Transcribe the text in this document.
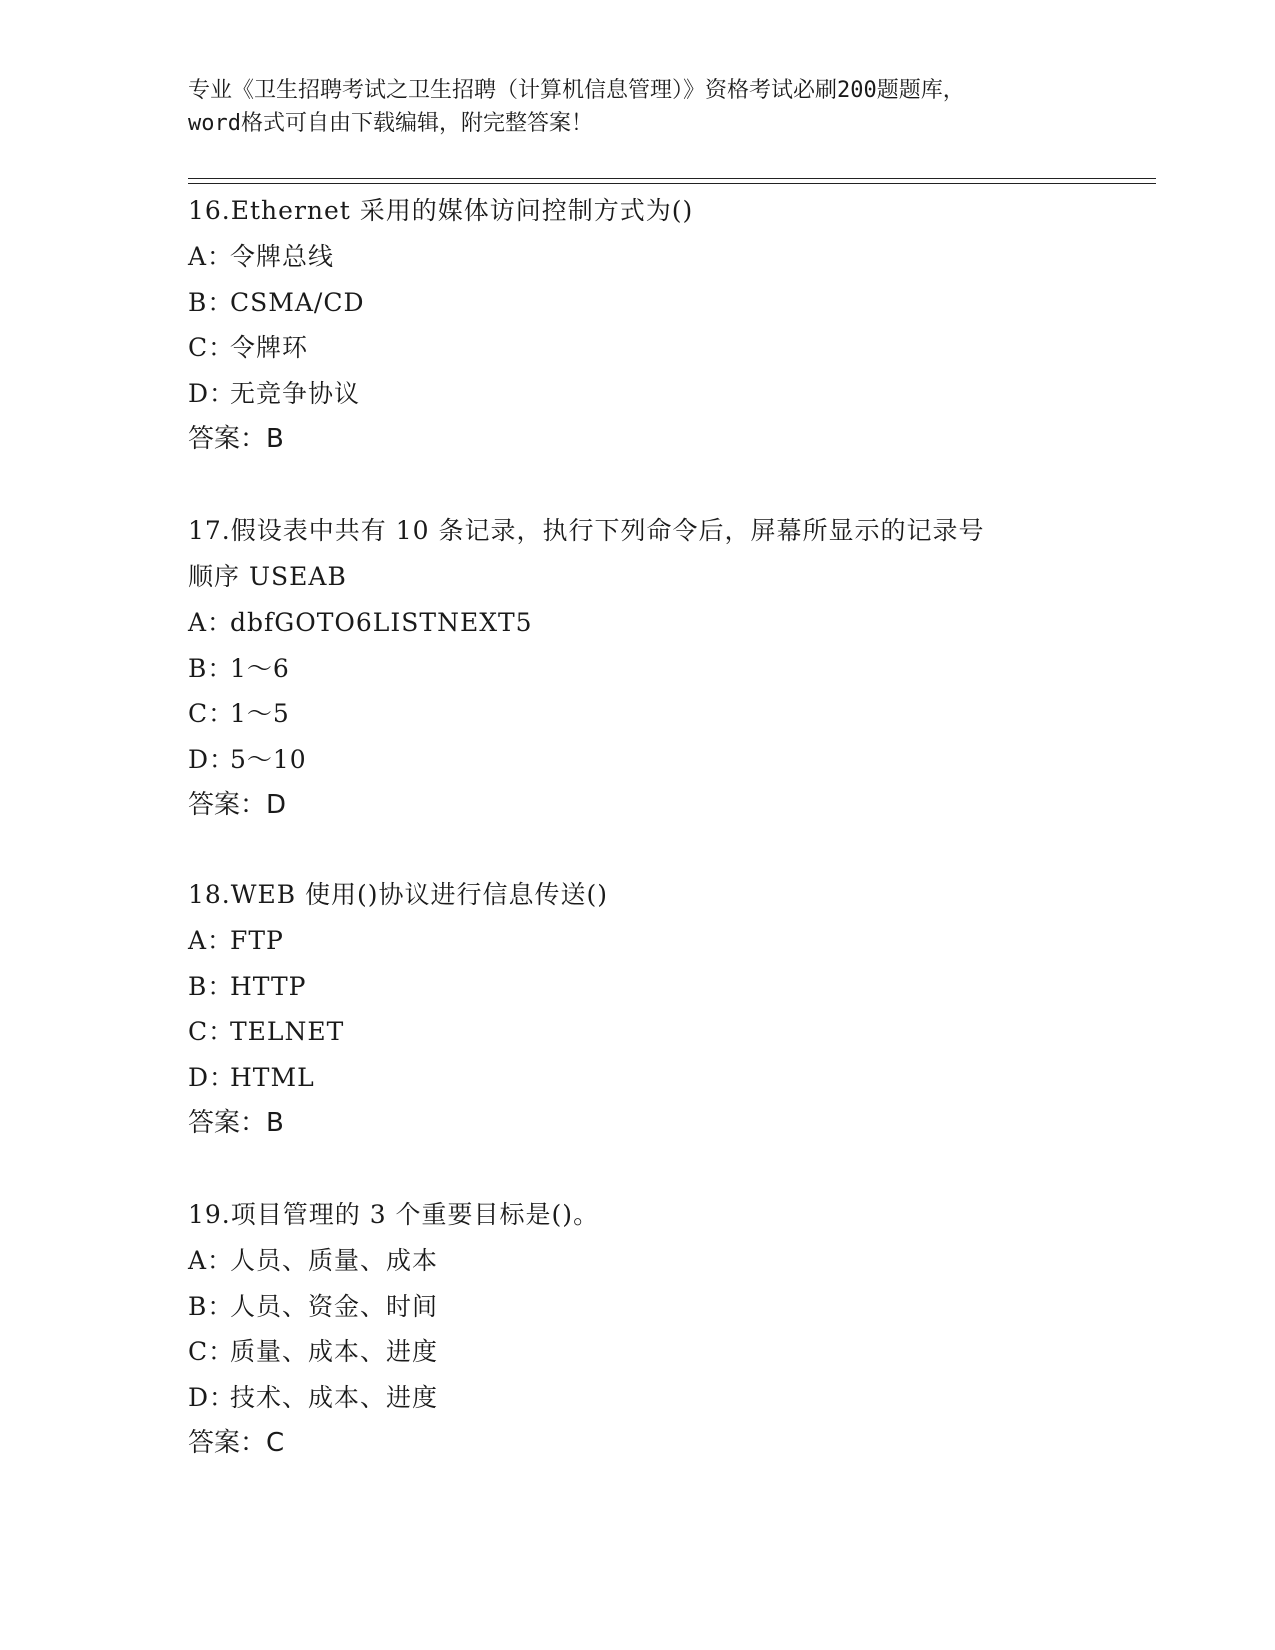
专业《卫生招聘考试之卫生招聘（计算机信息管理）》资格考试必刷200题题库，
word格式可自由下载编辑，附完整答案！
16.Ethernet 采用的媒体访问控制方式为()
A：令牌总线
B：CSMA/CD
C：令牌环
D：无竞争协议
答案：B
17.假设表中共有 10 条记录，执行下列命令后，屏幕所显示的记录号
顺序 USEAB
A：dbfGOTO6LISTNEXT5
B：1～6
C：1～5
D：5～10
答案：D
18.WEB 使用()协议进行信息传送()
A：FTP
B：HTTP
C：TELNET
D：HTML
答案：B
19.项目管理的 3 个重要目标是()。
A：人员、质量、成本
B：人员、资金、时间
C：质量、成本、进度
D：技术、成本、进度
答案：C
